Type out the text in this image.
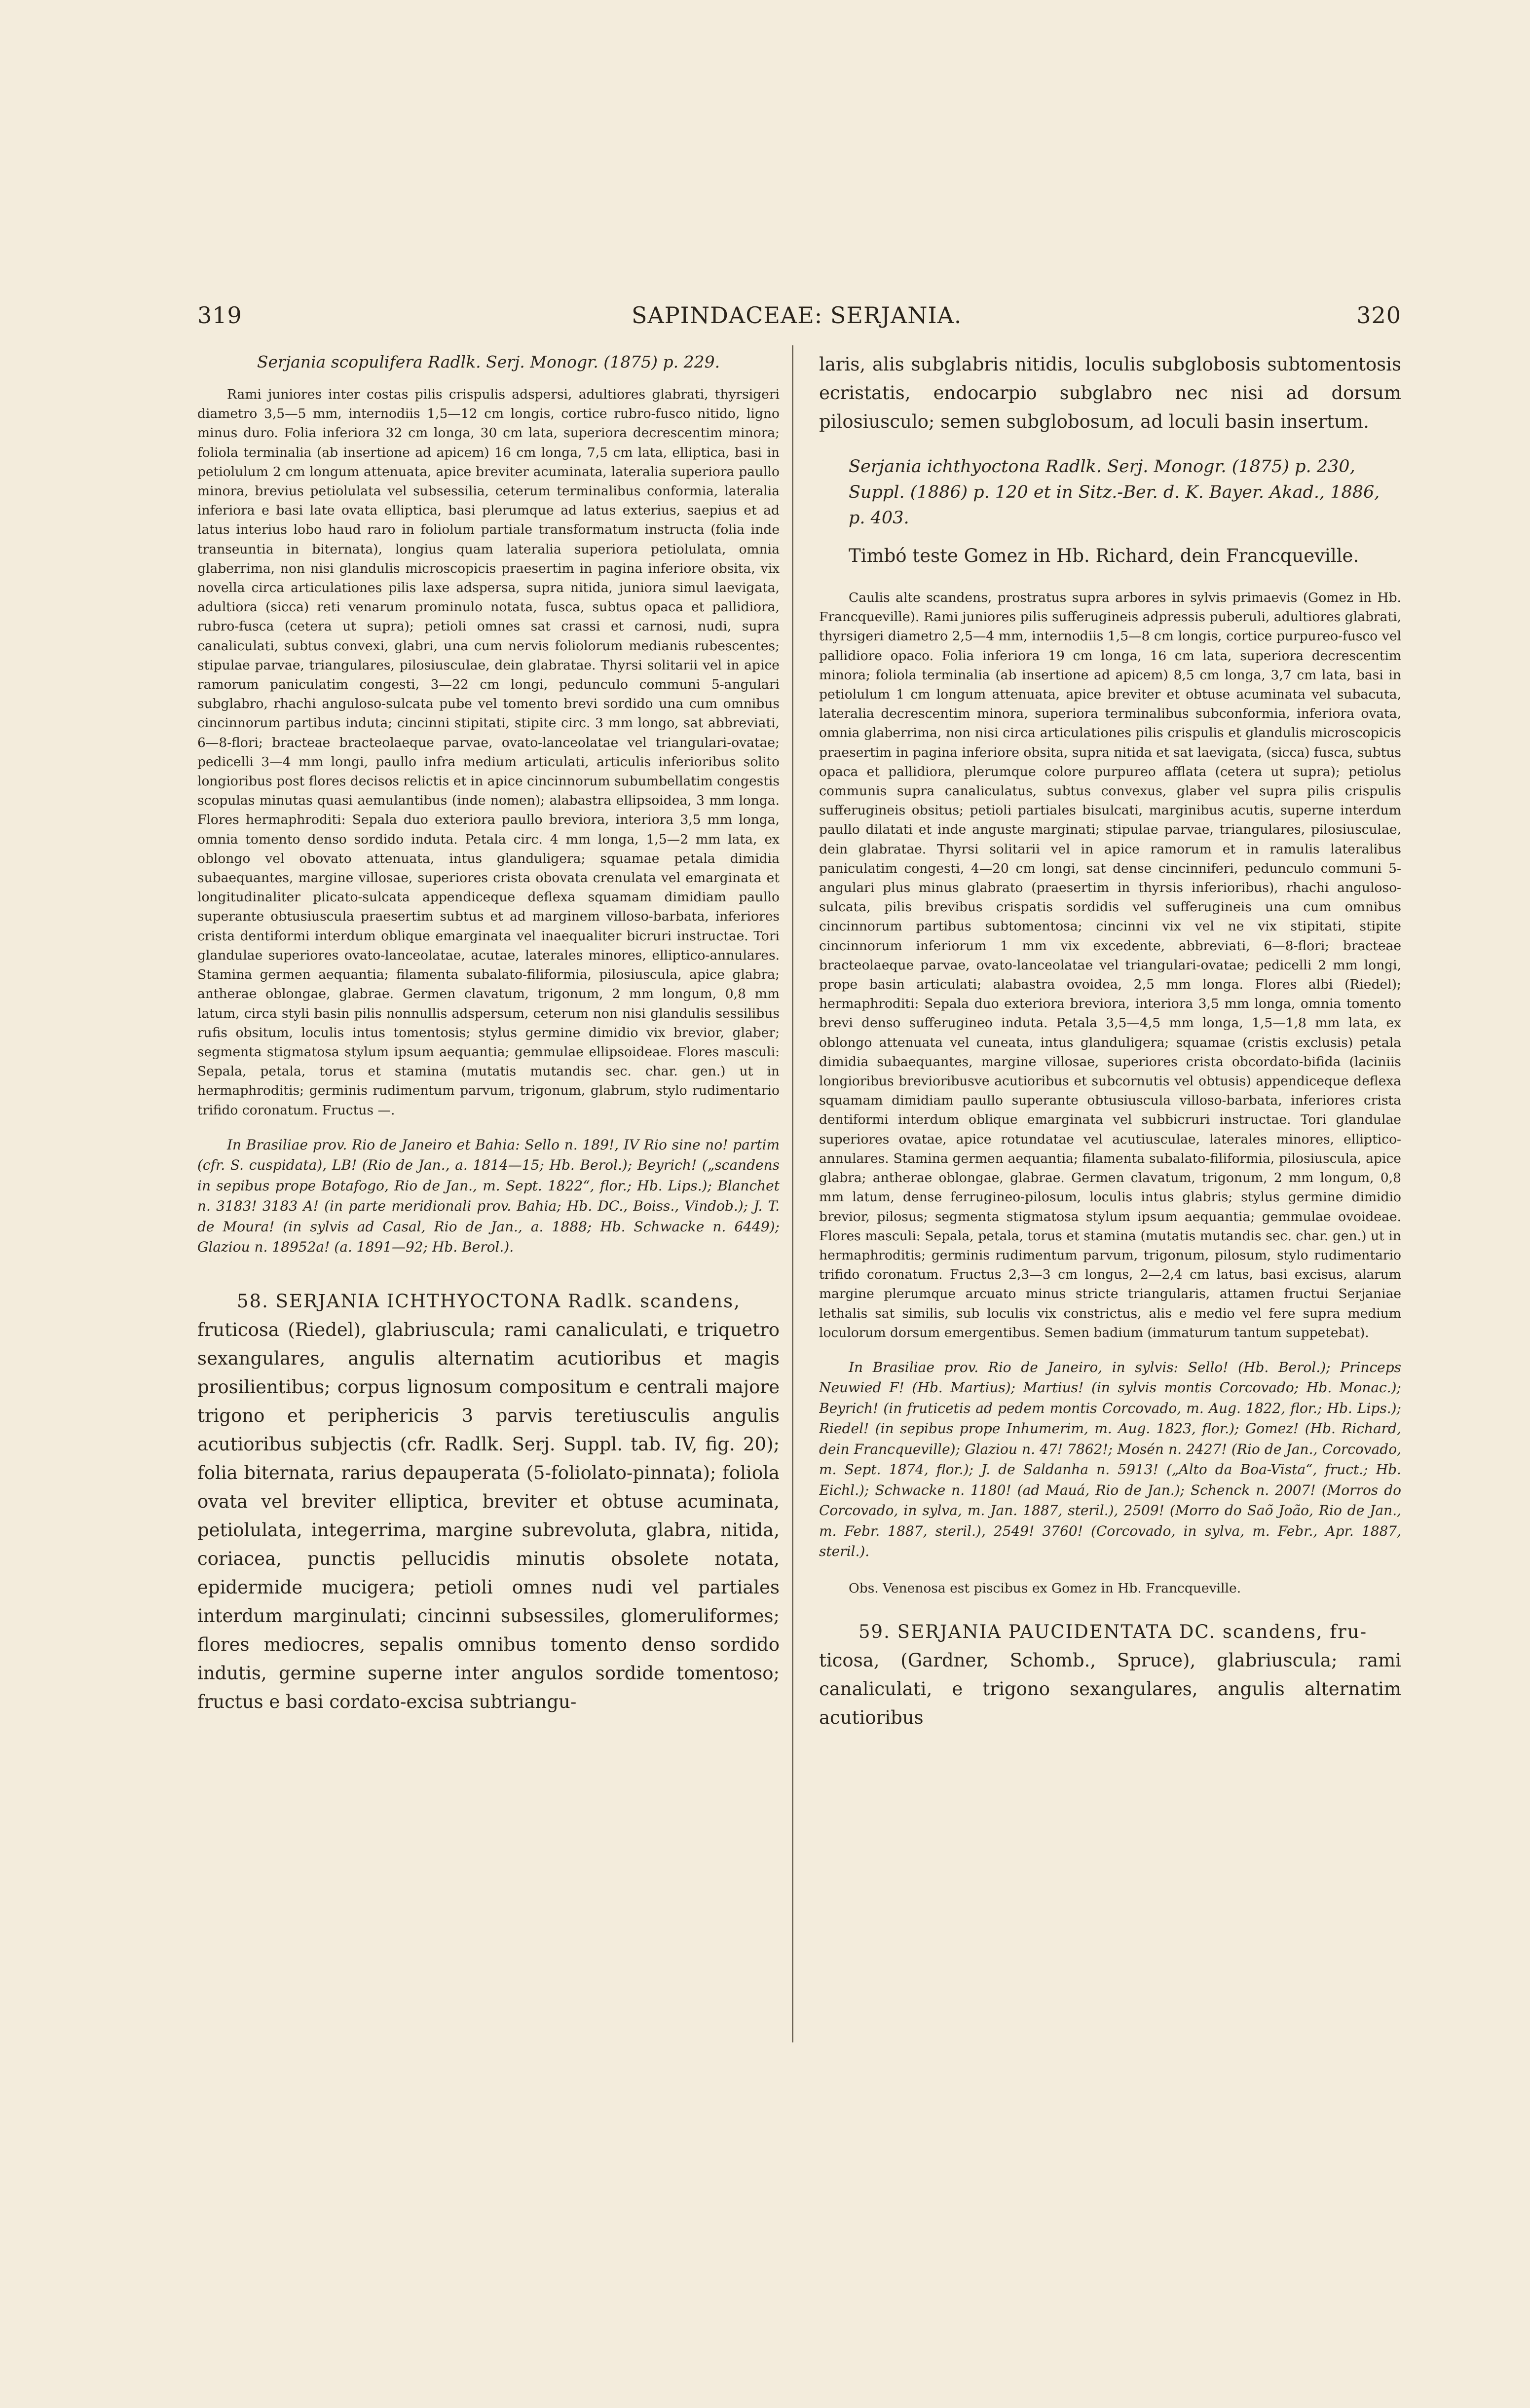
319	SAPINDACEAE: SERJANIA.	320

Serjania scopulifera Radlk. Serj. Monogr. (1875) p. 229.

Rami juniores inter costas pilis crispulis adspersi, adultiores glabrati, thyrsigeri diametro 3,5—5 mm, internodiis 1,5—12 cm longis, cortice rubro-fusco nitido, ligno minus duro. Folia inferiora 32 cm longa, 30 cm lata, superiora decrescentim minora; foliola terminalia (ab insertione ad apicem) 16 cm longa, 7,5 cm lata, elliptica, basi in petiolulum 2 cm longum attenuata, apice breviter acuminata, lateralia superiora paullo minora, brevius petiolulata vel subsessilia, ceterum terminalibus conformia, lateralia inferiora e basi late ovata elliptica, basi plerumque ad latus exterius, saepius et ad latus interius lobo haud raro in foliolum partiale transformatum instructa (folia inde transeuntia in biternata), longius quam lateralia superiora petiolulata, omnia glaberrima, non nisi glandulis microscopicis praesertim in pagina inferiore obsita, vix novella circa articulationes pilis laxe adspersa, supra nitida, juniora simul laevigata, adultiora (sicca) reti venarum prominulo notata, fusca, subtus opaca et pallidiora, rubro-fusca (cetera ut supra); petioli omnes sat crassi et carnosi, nudi, supra canaliculati, subtus convexi, glabri, una cum nervis foliolorum medianis rubescentes; stipulae parvae, triangulares, pilosiusculae, dein glabratae. Thyrsi solitarii vel in apice ramorum paniculatim congesti, 3—22 cm longi, pedunculo communi 5-angulari subglabro, rhachi anguloso-sulcata pube vel tomento brevi sordido una cum omnibus cincinnorum partibus induta; cincinni stipitati, stipite circ. 3 mm longo, sat abbreviati, 6—8-flori; bracteae bracteolaeque parvae, ovato-lanceolatae vel triangulari-ovatae; pedicelli 3—4 mm longi, paullo infra medium articulati, articulis inferioribus solito longioribus post flores decisos relictis et in apice cincinnorum subumbellatim congestis scopulas minutas quasi aemulantibus (inde nomen); alabastra ellipsoidea, 3 mm longa. Flores hermaphroditi: Sepala duo exteriora paullo breviora, interiora 3,5 mm longa, omnia tomento denso sordido induta. Petala circ. 4 mm longa, 1,5—2 mm lata, ex oblongo vel obovato attenuata, intus glanduligera; squamae petala dimidia subaequantes, margine villosae, superiores crista obovata crenulata vel emarginata et longitudinaliter plicato-sulcata appendiceque deflexa squamam dimidiam paullo superante obtusiuscula praesertim subtus et ad marginem villoso-barbata, inferiores crista dentiformi interdum oblique emarginata vel inaequaliter bicruri instructae. Tori glandulae superiores ovato-lanceolatae, acutae, laterales minores, elliptico-annulares. Stamina germen aequantia; filamenta subalato-filiformia, pilosiuscula, apice glabra; antherae oblongae, glabrae. Germen clavatum, trigonum, 2 mm longum, 0,8 mm latum, circa styli basin pilis nonnullis adspersum, ceterum non nisi glandulis sessilibus rufis obsitum, loculis intus tomentosis; stylus germine dimidio vix brevior, glaber; segmenta stigmatosa stylum ipsum aequantia; gemmulae ellipsoideae. Flores masculi: Sepala, petala, torus et stamina (mutatis mutandis sec. char. gen.) ut in hermaphroditis; germinis rudimentum parvum, trigonum, glabrum, stylo rudimentario trifido coronatum. Fructus —.

In Brasiliae prov. Rio de Janeiro et Bahia: Sello n. 189!, IV Rio sine no! partim (cfr. S. cuspidata), LB! (Rio de Jan., a. 1814—15; Hb. Berol.); Beyrich! („scandens in sepibus prope Botafogo, Rio de Jan., m. Sept. 1822“, flor.; Hb. Lips.); Blanchet n. 3183! 3183 A! (in parte meridionali prov. Bahia; Hb. DC., Boiss., Vindob.); J. T. de Moura! (in sylvis ad Casal, Rio de Jan., a. 1888; Hb. Schwacke n. 6449); Glaziou n. 18952a! (a. 1891—92; Hb. Berol.).

58. SERJANIA ICHTHYOCTONA Radlk. scandens,

fruticosa (Riedel), glabriuscula; rami canaliculati, e triquetro sexangulares, angulis alternatim acutioribus et magis prosilientibus; corpus lignosum compositum e centrali majore trigono et periphericis 3 parvis teretiusculis angulis acutioribus subjectis (cfr. Radlk. Serj. Suppl. tab. IV, fig. 20); folia biternata, rarius depauperata (5-foliolato-pinnata); foliola ovata vel breviter elliptica, breviter et obtuse acuminata, petiolulata, integerrima, margine subrevoluta, glabra, nitida, coriacea, punctis pellucidis minutis obsolete notata, epidermide mucigera; petioli omnes nudi vel partiales interdum marginulati; cincinni subsessiles, glomeruliformes; flores mediocres, sepalis omnibus tomento denso sordido indutis, germine superne inter angulos sordide tomentoso; fructus e basi cordato-excisa subtriangu-

laris, alis subglabris nitidis, loculis subglobosis subtomentosis ecristatis, endocarpio subglabro nec nisi ad dorsum pilosiusculo; semen subglobosum, ad loculi basin insertum.

Serjania ichthyoctona Radlk. Serj. Monogr. (1875) p. 230, Suppl. (1886) p. 120 et in Sitz.-Ber. d. K. Bayer. Akad., 1886, p. 403.

Timbó teste Gomez in Hb. Richard, dein Francqueville.

Caulis alte scandens, prostratus supra arbores in sylvis primaevis (Gomez in Hb. Francqueville). Rami juniores pilis sufferugineis adpressis puberuli, adultiores glabrati, thyrsigeri diametro 2,5—4 mm, internodiis 1,5—8 cm longis, cortice purpureo-fusco vel pallidiore opaco. Folia inferiora 19 cm longa, 16 cm lata, superiora decrescentim minora; foliola terminalia (ab insertione ad apicem) 8,5 cm longa, 3,7 cm lata, basi in petiolulum 1 cm longum attenuata, apice breviter et obtuse acuminata vel subacuta, lateralia decrescentim minora, superiora terminalibus subconformia, inferiora ovata, omnia glaberrima, non nisi circa articulationes pilis crispulis et glandulis microscopicis praesertim in pagina inferiore obsita, supra nitida et sat laevigata, (sicca) fusca, subtus opaca et pallidiora, plerumque colore purpureo afflata (cetera ut supra); petiolus communis supra canaliculatus, subtus convexus, glaber vel supra pilis crispulis sufferugineis obsitus; petioli partiales bisulcati, marginibus acutis, superne interdum paullo dilatati et inde anguste marginati; stipulae parvae, triangulares, pilosiusculae, dein glabratae. Thyrsi solitarii vel in apice ramorum et in ramulis lateralibus paniculatim congesti, 4—20 cm longi, sat dense cincinniferi, pedunculo communi 5-angulari plus minus glabrato (praesertim in thyrsis inferioribus), rhachi anguloso-sulcata, pilis brevibus crispatis sordidis vel sufferugineis una cum omnibus cincinnorum partibus subtomentosa; cincinni vix vel ne vix stipitati, stipite cincinnorum inferiorum 1 mm vix excedente, abbreviati, 6—8-flori; bracteae bracteolaeque parvae, ovato-lanceolatae vel triangulari-ovatae; pedicelli 2 mm longi, prope basin articulati; alabastra ovoidea, 2,5 mm longa. Flores albi (Riedel); hermaphroditi: Sepala duo exteriora breviora, interiora 3,5 mm longa, omnia tomento brevi denso sufferugineo induta. Petala 3,5—4,5 mm longa, 1,5—1,8 mm lata, ex oblongo attenuata vel cuneata, intus glanduligera; squamae (cristis exclusis) petala dimidia subaequantes, margine villosae, superiores crista obcordato-bifida (laciniis longioribus brevioribusve acutioribus et subcornutis vel obtusis) appendiceque deflexa squamam dimidiam paullo superante obtusiuscula villoso-barbata, inferiores crista dentiformi interdum oblique emarginata vel subbicruri instructae. Tori glandulae superiores ovatae, apice rotundatae vel acutiusculae, laterales minores, elliptico-annulares. Stamina germen aequantia; filamenta subalato-filiformia, pilosiuscula, apice glabra; antherae oblongae, glabrae. Germen clavatum, trigonum, 2 mm longum, 0,8 mm latum, dense ferrugineo-pilosum, loculis intus glabris; stylus germine dimidio brevior, pilosus; segmenta stigmatosa stylum ipsum aequantia; gemmulae ovoideae. Flores masculi: Sepala, petala, torus et stamina (mutatis mutandis sec. char. gen.) ut in hermaphroditis; germinis rudimentum parvum, trigonum, pilosum, stylo rudimentario trifido coronatum. Fructus 2,3—3 cm longus, 2—2,4 cm latus, basi excisus, alarum margine plerumque arcuato minus stricte triangularis, attamen fructui Serjaniae lethalis sat similis, sub loculis vix constrictus, alis e medio vel fere supra medium loculorum dorsum emergentibus. Semen badium (immaturum tantum suppetebat).

In Brasiliae prov. Rio de Janeiro, in sylvis: Sello! (Hb. Berol.); Princeps Neuwied F! (Hb. Martius); Martius! (in sylvis montis Corcovado; Hb. Monac.); Beyrich! (in fruticetis ad pedem montis Corcovado, m. Aug. 1822, flor.; Hb. Lips.); Riedel! (in sepibus prope Inhumerim, m. Aug. 1823, flor.); Gomez! (Hb. Richard, dein Francqueville); Glaziou n. 47! 7862!; Mosén n. 2427! (Rio de Jan., Corcovado, m. Sept. 1874, flor.); J. de Saldanha n. 5913! („Alto da Boa-Vista“, fruct.; Hb. Eichl.); Schwacke n. 1180! (ad Mauá, Rio de Jan.); Schenck n. 2007! (Morros do Corcovado, in sylva, m. Jan. 1887, steril.), 2509! (Morro do Saõ João, Rio de Jan., m. Febr. 1887, steril.), 2549! 3760! (Corcovado, in sylva, m. Febr., Apr. 1887, steril.).

Obs. Venenosa est piscibus ex Gomez in Hb. Francqueville.

59. SERJANIA PAUCIDENTATA DC. scandens, fru-

ticosa, (Gardner, Schomb., Spruce), glabriuscula; rami canaliculati, e trigono sexangulares, angulis alternatim acutioribus
